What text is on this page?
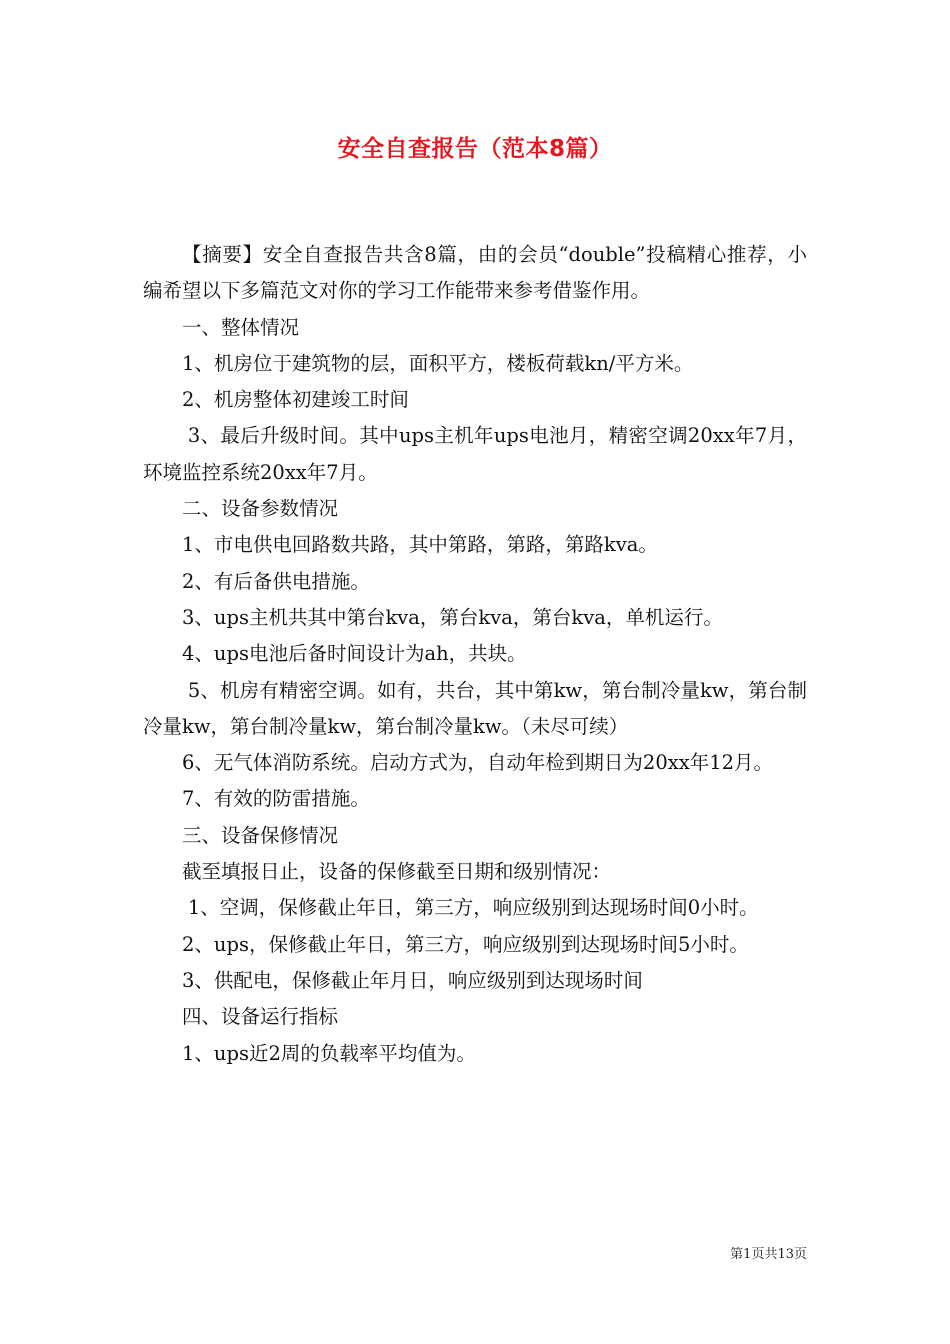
安全自查报告（范本8篇）

【摘要】安全自查报告共含8篇，由的会员“double”投稿精心推荐，小编希望以下多篇范文对你的学习工作能带来参考借鉴作用。

一、整体情况

1、机房位于建筑物的层，面积平方，楼板荷载kn/平方米。

2、机房整体初建竣工时间

3、最后升级时间。其中ups主机年ups电池月，精密空调20xx年7月，环境监控系统20xx年7月。

二、设备参数情况

1、市电供电回路数共路，其中第路，第路，第路kva。

2、有后备供电措施。

3、ups主机共其中第台kva，第台kva，第台kva，单机运行。

4、ups电池后备时间设计为ah，共块。

5、机房有精密空调。如有，共台，其中第kw，第台制冷量kw，第台制冷量kw，第台制冷量kw，第台制冷量kw。（未尽可续）

6、无气体消防系统。启动方式为，自动年检到期日为20xx年12月。

7、有效的防雷措施。

三、设备保修情况

截至填报日止，设备的保修截至日期和级别情况：

1、空调，保修截止年日，第三方，响应级别到达现场时间0小时。

2、ups，保修截止年日，第三方，响应级别到达现场时间5小时。

3、供配电，保修截止年月日，响应级别到达现场时间

四、设备运行指标

1、ups近2周的负载率平均值为。

第1页共13页
